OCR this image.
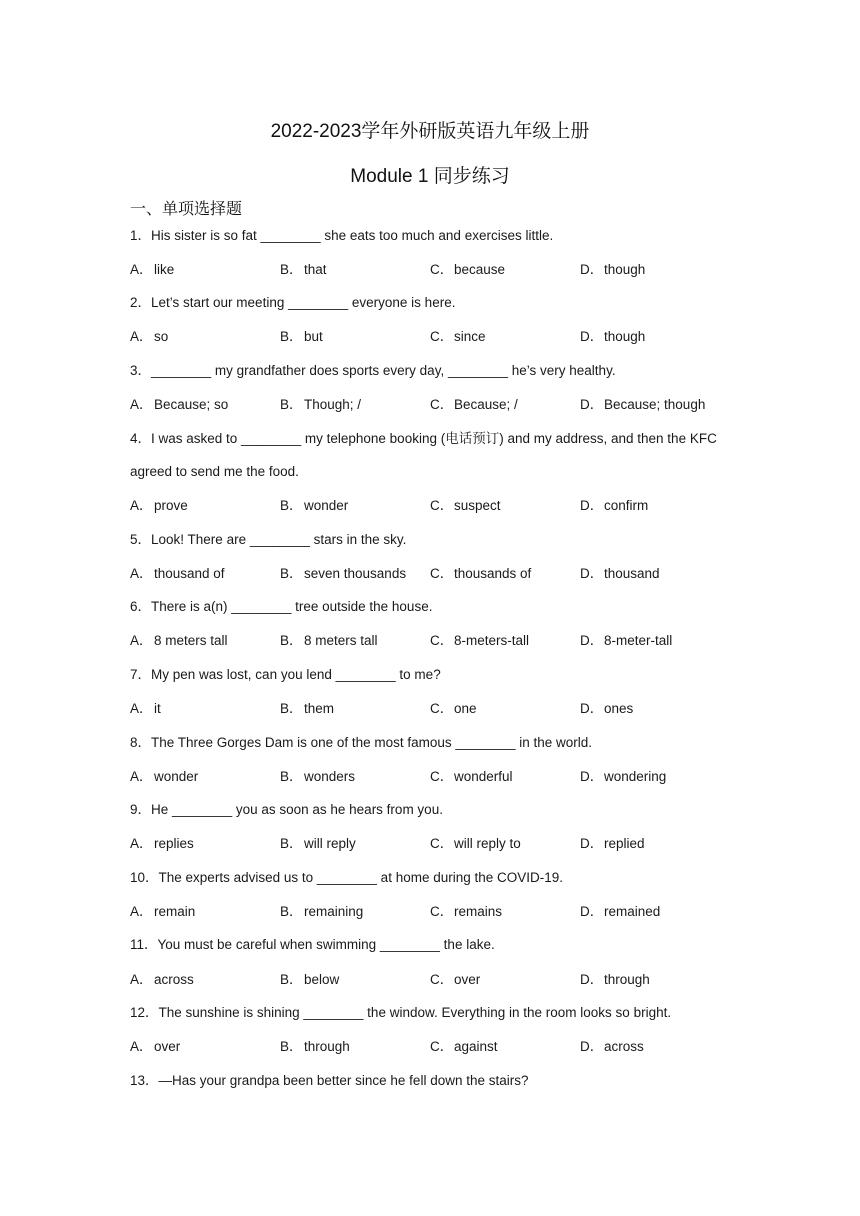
2022-2023学年外研版英语九年级上册
Module 1 同步练习
一、单项选择题
1．His sister is so fat ________ she eats too much and exercises little.
A．like	B．that	C．because	D．though
2．Let’s start our meeting ________ everyone is here.
A．so	B．but	C．since	D．though
3．________ my grandfather does sports every day, ________ he’s very healthy.
A．Because; so	B．Though; /	C．Because; /	D．Because; though
4．I was asked to ________ my telephone booking (电话预订) and my address, and then the KFC
agreed to send me the food.
A．prove	B．wonder	C．suspect	D．confirm
5．Look! There are ________ stars in the sky.
A．thousand of	B．seven thousands C．thousands of	D．thousand
6．There is a(n) ________ tree outside the house.
A．8 meters tall	B．8 meters tall	C．8-meters-tall	D．8-meter-tall
7．My pen was lost, can you lend ________ to me?
A．it	B．them	C．one	D．ones
8．The Three Gorges Dam is one of the most famous ________ in the world.
A．wonder	B．wonders	C．wonderful	D．wondering
9．He ________ you as soon as he hears from you.
A．replies	B．will reply	C．will reply to	D．replied
10．The experts advised us to ________ at home during the COVID-19.
A．remain	B．remaining	C．remains	D．remained
11．You must be careful when swimming ________ the lake.
A．across	B．below	C．over	D．through
12．The sunshine is shining ________ the window. Everything in the room looks so bright.
A．over	B．through	C．against	D．across
13．—Has your grandpa been better since he fell down the stairs?
